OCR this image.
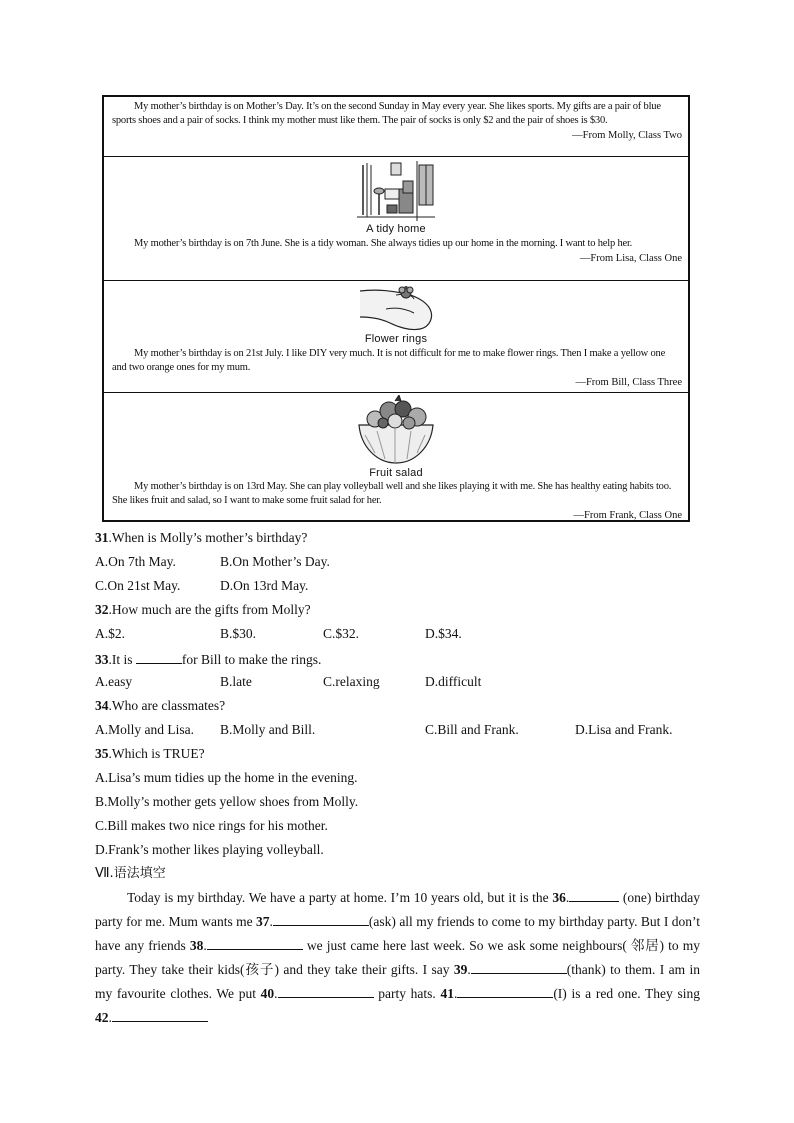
My mother’s birthday is on Mother’s Day. It’s on the second Sunday in May every year. She likes sports. My gifts are a pair of blue sports shoes and a pair of socks. I think my mother must like them. The pair of socks is only $2 and the pair of shoes is $30.

—From Molly, Class Two
A tidy home

My mother’s birthday is on 7th June. She is a tidy woman. She always tidies up our home in the morning. I want to help her.

—From Lisa, Class One
Flower rings

My mother’s birthday is on 21st July. I like DIY very much. It is not difficult for me to make flower rings. Then I make a yellow one and two orange ones for my mum.

—From Bill, Class Three
Fruit salad

My mother’s birthday is on 13rd May. She can play volleyball well and she likes playing it with me. She has healthy eating habits too. She likes fruit and salad, so I want to make some fruit salad for her.

—From Frank, Class One
31.When is Molly’s mother’s birthday?
A.On 7th May.	B.On Mother’s Day.
C.On 21st May.	D.On 13rd May.
32.How much are the gifts from Molly?
A.$2.	B.$30.	C.$32.	D.$34.
33.It is	for Bill to make the rings.
A.easy	B.late	C.relaxing	D.difficult
34.Who are classmates?
A.Molly and Lisa. B.Molly and Bill.	C.Bill and Frank.	D.Lisa and Frank.
35.Which is TRUE?
A.Lisa’s mum tidies up the home in the evening.
B.Molly’s mother gets yellow shoes from Molly.
C.Bill makes two nice rings for his mother.
D.Frank’s mother likes playing volleyball.
Ⅶ.语法填空
Today is my birthday. We have a party at home. I’m 10 years old, but it is the 36.	(one) birthday party for me. Mum wants me 37.	(ask) all my friends to come to my birthday party. But I don’t have any friends 38.	we just came here last week. So we ask some neighbours( 邻居) to my party. They take their kids(孩子) and they take their gifts. I say 39.	(thank) to them. I am in my favourite clothes. We put 40.	party hats. 41.	(I) is a red one. They sing 42.
